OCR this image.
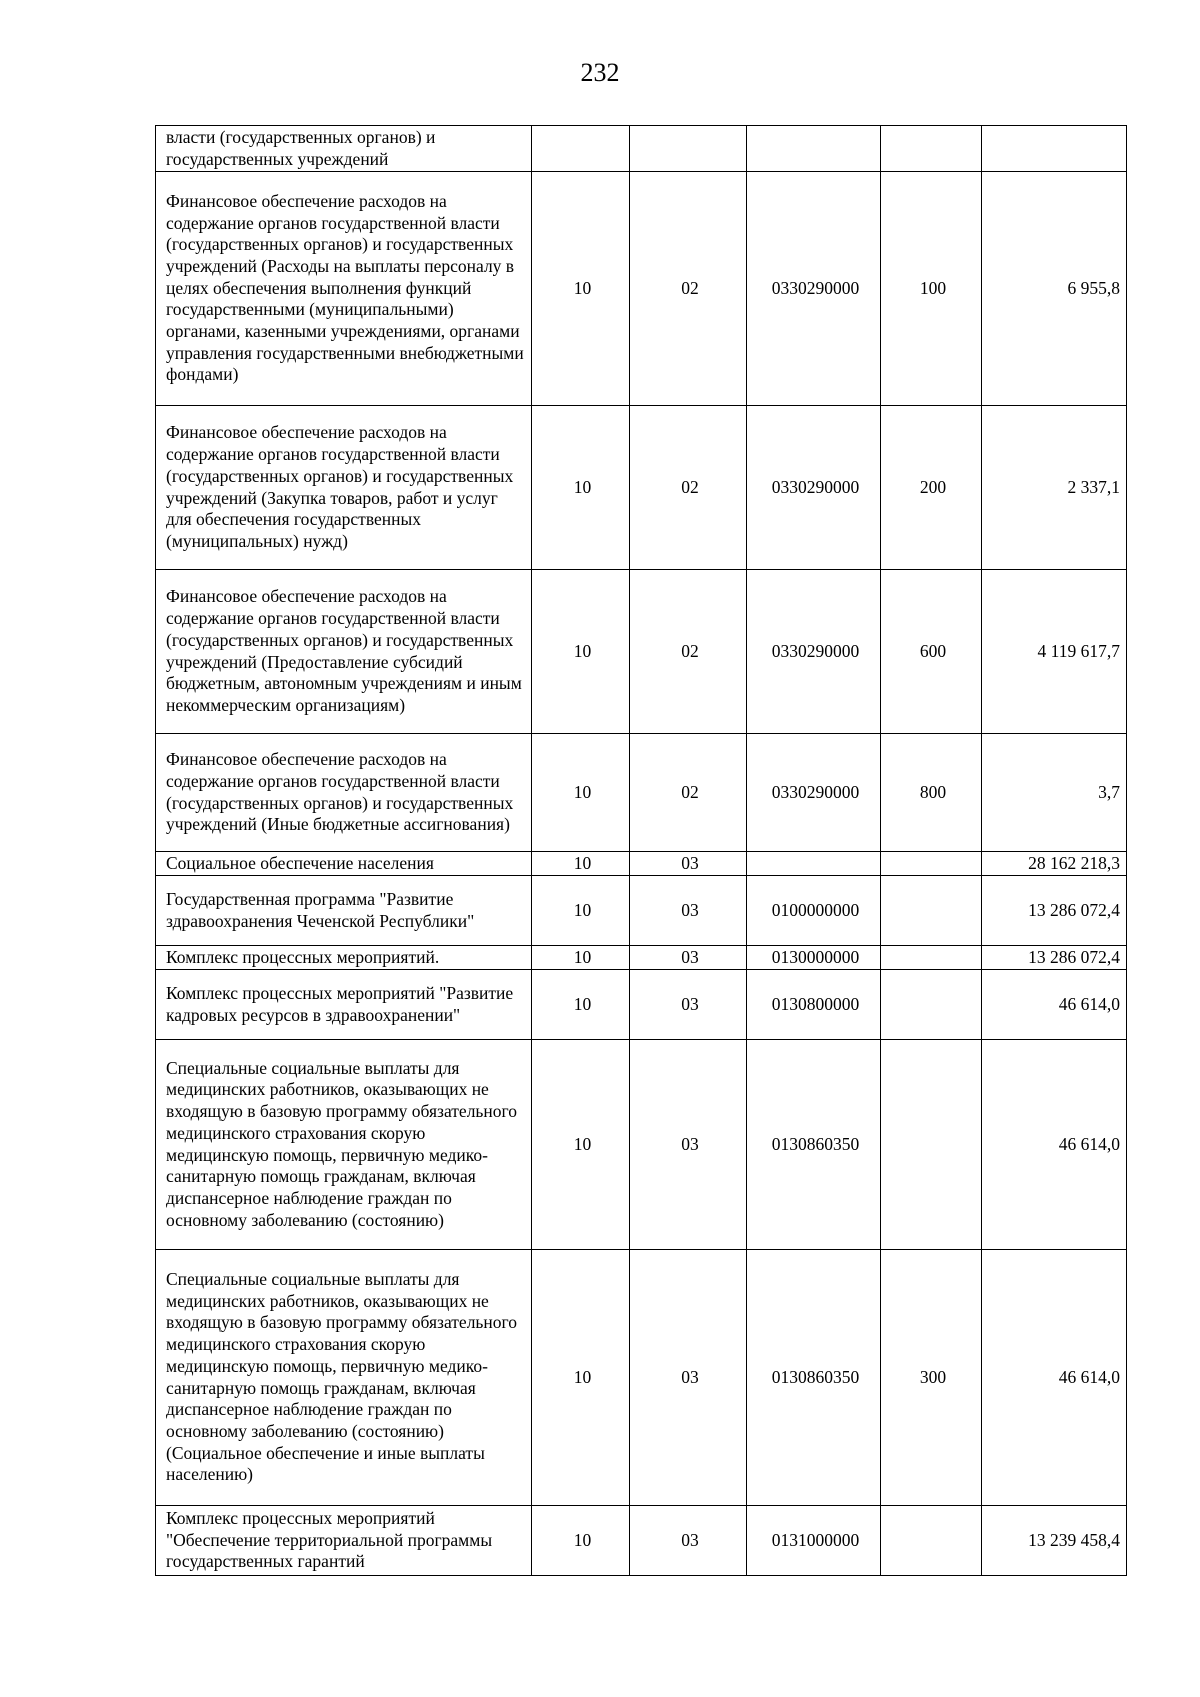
232
власти (государственных органов) и государственных учреждений					
Финансовое обеспечение расходов на содержание органов государственной власти (государственных органов) и государственных учреждений (Расходы на выплаты персоналу в целях обеспечения выполнения функций государственными (муниципальными) органами, казенными учреждениями, органами управления государственными внебюджетными фондами)	10	02	0330290000	100	6 955,8
Финансовое обеспечение расходов на содержание органов государственной власти (государственных органов) и государственных учреждений (Закупка товаров, работ и услуг для обеспечения государственных (муниципальных) нужд)	10	02	0330290000	200	2 337,1
Финансовое обеспечение расходов на содержание органов государственной власти (государственных органов) и государственных учреждений (Предоставление субсидий бюджетным, автономным учреждениям и иным некоммерческим организациям)	10	02	0330290000	600	4 119 617,7
Финансовое обеспечение расходов на содержание органов государственной власти (государственных органов) и государственных учреждений (Иные бюджетные ассигнования)	10	02	0330290000	800	3,7
Социальное обеспечение населения	10	03			28 162 218,3
Государственная программа "Развитие здравоохранения Чеченской Республики"	10	03	0100000000		13 286 072,4
Комплекс процессных мероприятий.	10	03	0130000000		13 286 072,4
Комплекс процессных мероприятий "Развитие кадровых ресурсов в здравоохранении"	10	03	0130800000		46 614,0
Специальные социальные выплаты для медицинских работников, оказывающих не входящую в базовую программу обязательного медицинского страхования скорую медицинскую помощь, первичную медико-санитарную помощь гражданам, включая диспансерное наблюдение граждан по основному заболеванию (состоянию)	10	03	0130860350		46 614,0
Специальные социальные выплаты для медицинских работников, оказывающих не входящую в базовую программу обязательного медицинского страхования скорую медицинскую помощь, первичную медико-санитарную помощь гражданам, включая диспансерное наблюдение граждан по основному заболеванию (состоянию) (Социальное обеспечение и иные выплаты населению)	10	03	0130860350	300	46 614,0
Комплекс процессных мероприятий "Обеспечение территориальной программы государственных гарантий	10	03	0131000000		13 239 458,4
